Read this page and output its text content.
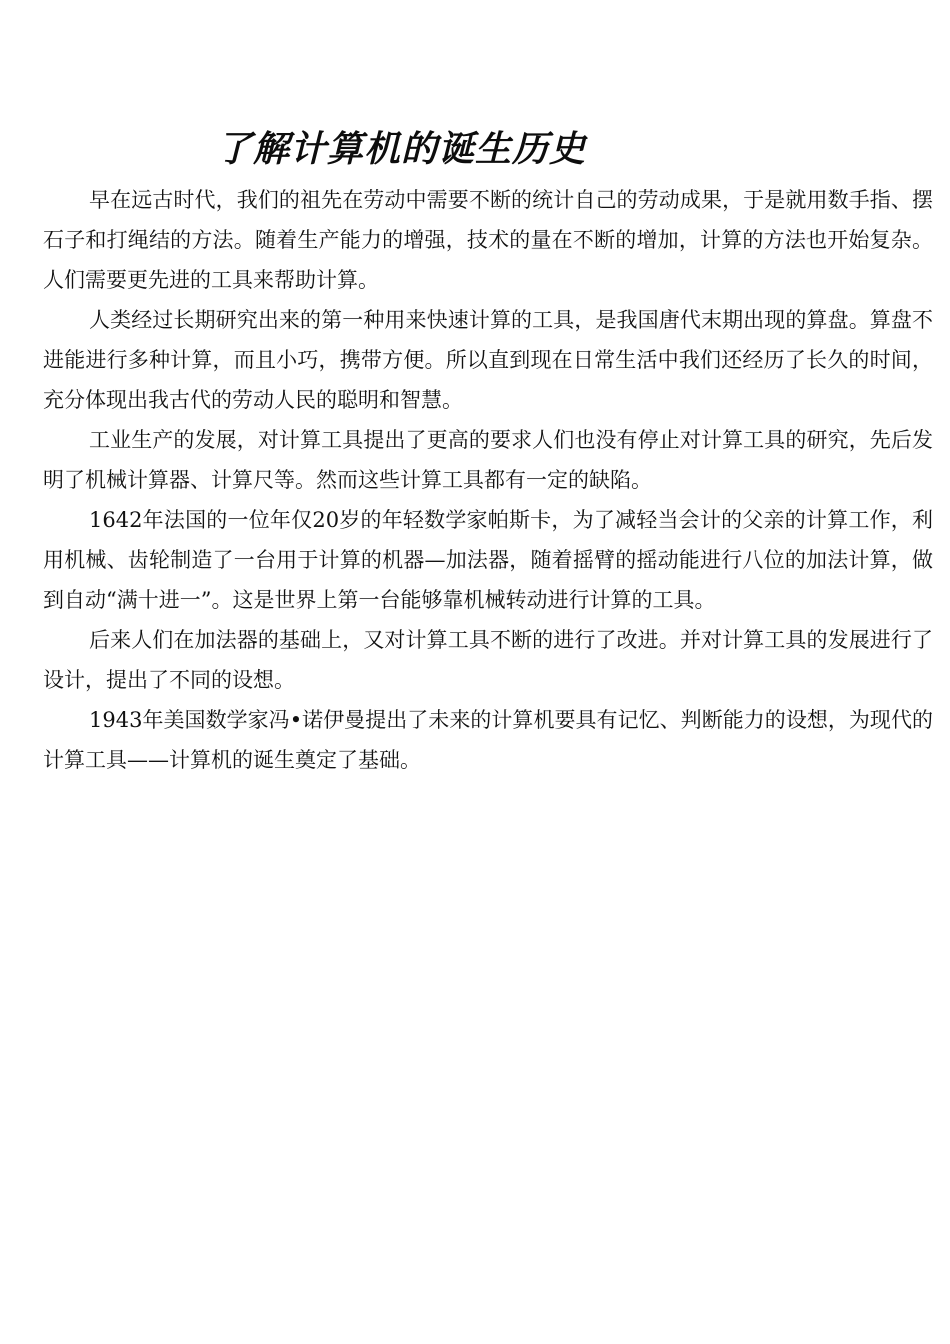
了解计算机的诞生历史

早在远古时代，我们的祖先在劳动中需要不断的统计自己的劳动成果，于是就用数手指、摆石子和打绳结的方法。随着生产能力的增强，技术的量在不断的增加，计算的方法也开始复杂。人们需要更先进的工具来帮助计算。

人类经过长期研究出来的第一种用来快速计算的工具，是我国唐代末期出现的算盘。算盘不进能进行多种计算，而且小巧，携带方便。所以直到现在日常生活中我们还经历了长久的时间，充分体现出我古代的劳动人民的聪明和智慧。

工业生产的发展，对计算工具提出了更高的要求人们也没有停止对计算工具的研究，先后发明了机械计算器、计算尺等。然而这些计算工具都有一定的缺陷。

1642年法国的一位年仅20岁的年轻数学家帕斯卡，为了减轻当会计的父亲的计算工作，利用机械、齿轮制造了一台用于计算的机器—加法器，随着摇臂的摇动能进行八位的加法计算，做到自动“满十进一”。这是世界上第一台能够靠机械转动进行计算的工具。

后来人们在加法器的基础上，又对计算工具不断的进行了改进。并对计算工具的发展进行了设计，提出了不同的设想。

1943年美国数学家冯•诺伊曼提出了未来的计算机要具有记忆、判断能力的设想，为现代的计算工具——计算机的诞生奠定了基础。
